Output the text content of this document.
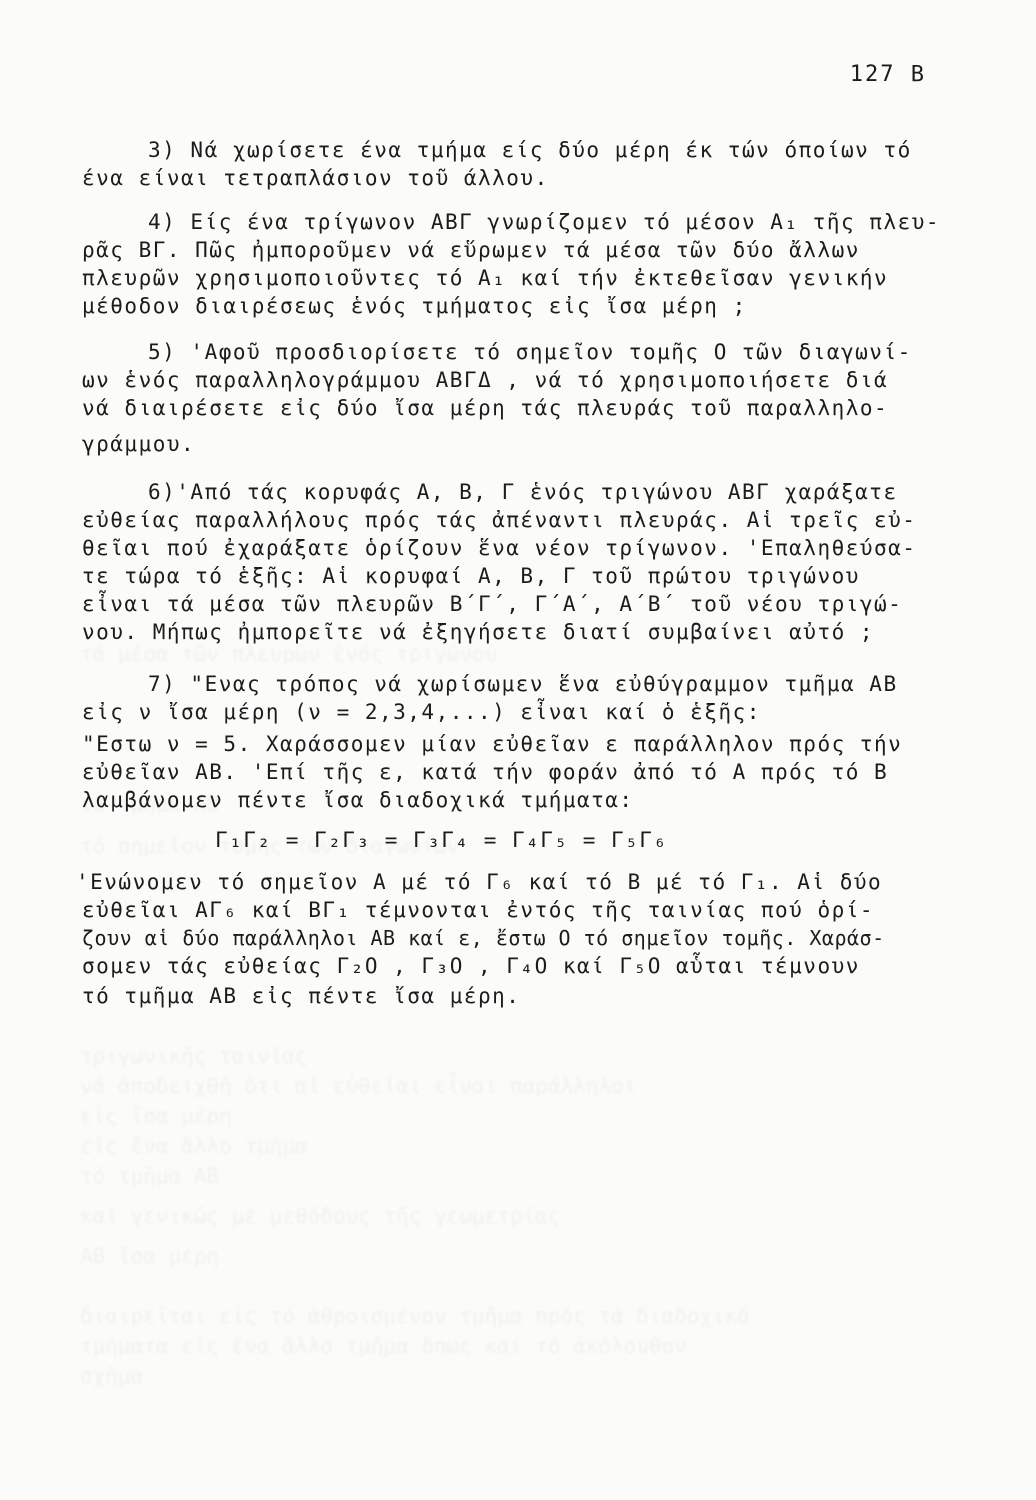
127 Β
3) Νά χωρίσετε ένα τμήμα είς δύο μέρη έκ τών όποίων τό
ένα είναι τετραπλάσιον τοῦ άλλου.
4) Είς ένα τρίγωνον ΑΒΓ γνωρίζομεν τό μέσον Α₁ τῆς πλευ-
ρᾶς ΒΓ. Πῶς ἠμποροῦμεν νά εὕρωμεν τά μέσα τῶν δύο ἄλλων
πλευρῶν χρησιμοποιοῦντες τό Α₁ καί τήν ἐκτεθεῖσαν γενικήν
μέθοδον διαιρέσεως ἑνός τμήματος εἰς ἴσα μέρη ;
5) 'Αφοῦ προσδιορίσετε τό σημεῖον τομῆς Ο τῶν διαγωνί-
ων ἑνός παραλληλογράμμου ΑΒΓΔ , νά τό χρησιμοποιήσετε διά
νά διαιρέσετε εἰς δύο ἴσα μέρη τάς πλευράς τοῦ παραλληλο-
γράμμου.
6)'Από τάς κορυφάς Α, Β, Γ ἑνός τριγώνου ΑΒΓ χαράξατε
εὐθείας παραλλήλους πρός τάς ἀπέναντι πλευράς. Αἱ τρεῖς εὐ-
θεῖαι πού ἐχαράξατε ὁρίζουν ἕνα νέον τρίγωνον. 'Επαληθεύσα-
τε τώρα τό ἑξῆς: Αἱ κορυφαί Α, Β, Γ τοῦ πρώτου τριγώνου
εἶναι τά μέσα τῶν πλευρῶν Β΄Γ΄, Γ΄Α΄, Α΄Β΄ τοῦ νέου τριγώ-
νου. Μήπως ἠμπορεῖτε νά ἐξηγήσετε διατί συμβαίνει αὐτό ;
7) "Ενας τρόπος νά χωρίσωμεν ἕνα εὐθύγραμμον τμῆμα ΑΒ
εἰς ν ἴσα μέρη (ν = 2,3,4,...) εἶναι καί ὁ ἑξῆς:
"Εστω ν = 5. Χαράσσομεν μίαν εὐθεῖαν ε παράλληλον πρός τήν
εὐθεῖαν ΑΒ. 'Επί τῆς ε, κατά τήν φοράν ἀπό τό Α πρός τό Β
λαμβάνομεν πέντε ἴσα διαδοχικά τμήματα:
Γ₁Γ₂ = Γ₂Γ₃ = Γ₃Γ₄ = Γ₄Γ₅ = Γ₅Γ₆
'Ενώνομεν τό σημεῖον Α μέ τό Γ₆ καί τό Β μέ τό Γ₁. Αἱ δύο
εὐθεῖαι ΑΓ₆ καί ΒΓ₁ τέμνονται ἐντός τῆς ταινίας πού ὁρί-
ζουν αἱ δύο παράλληλοι ΑΒ καί ε, ἔστω Ο τό σημεῖον τομῆς. Χαράσ-
σομεν τάς εὐθείας Γ₂Ο , Γ₃Ο , Γ₄Ο καί Γ₅Ο αὗται τέμνουν
τό τμῆμα ΑΒ εἰς πέντε ἴσα μέρη.
